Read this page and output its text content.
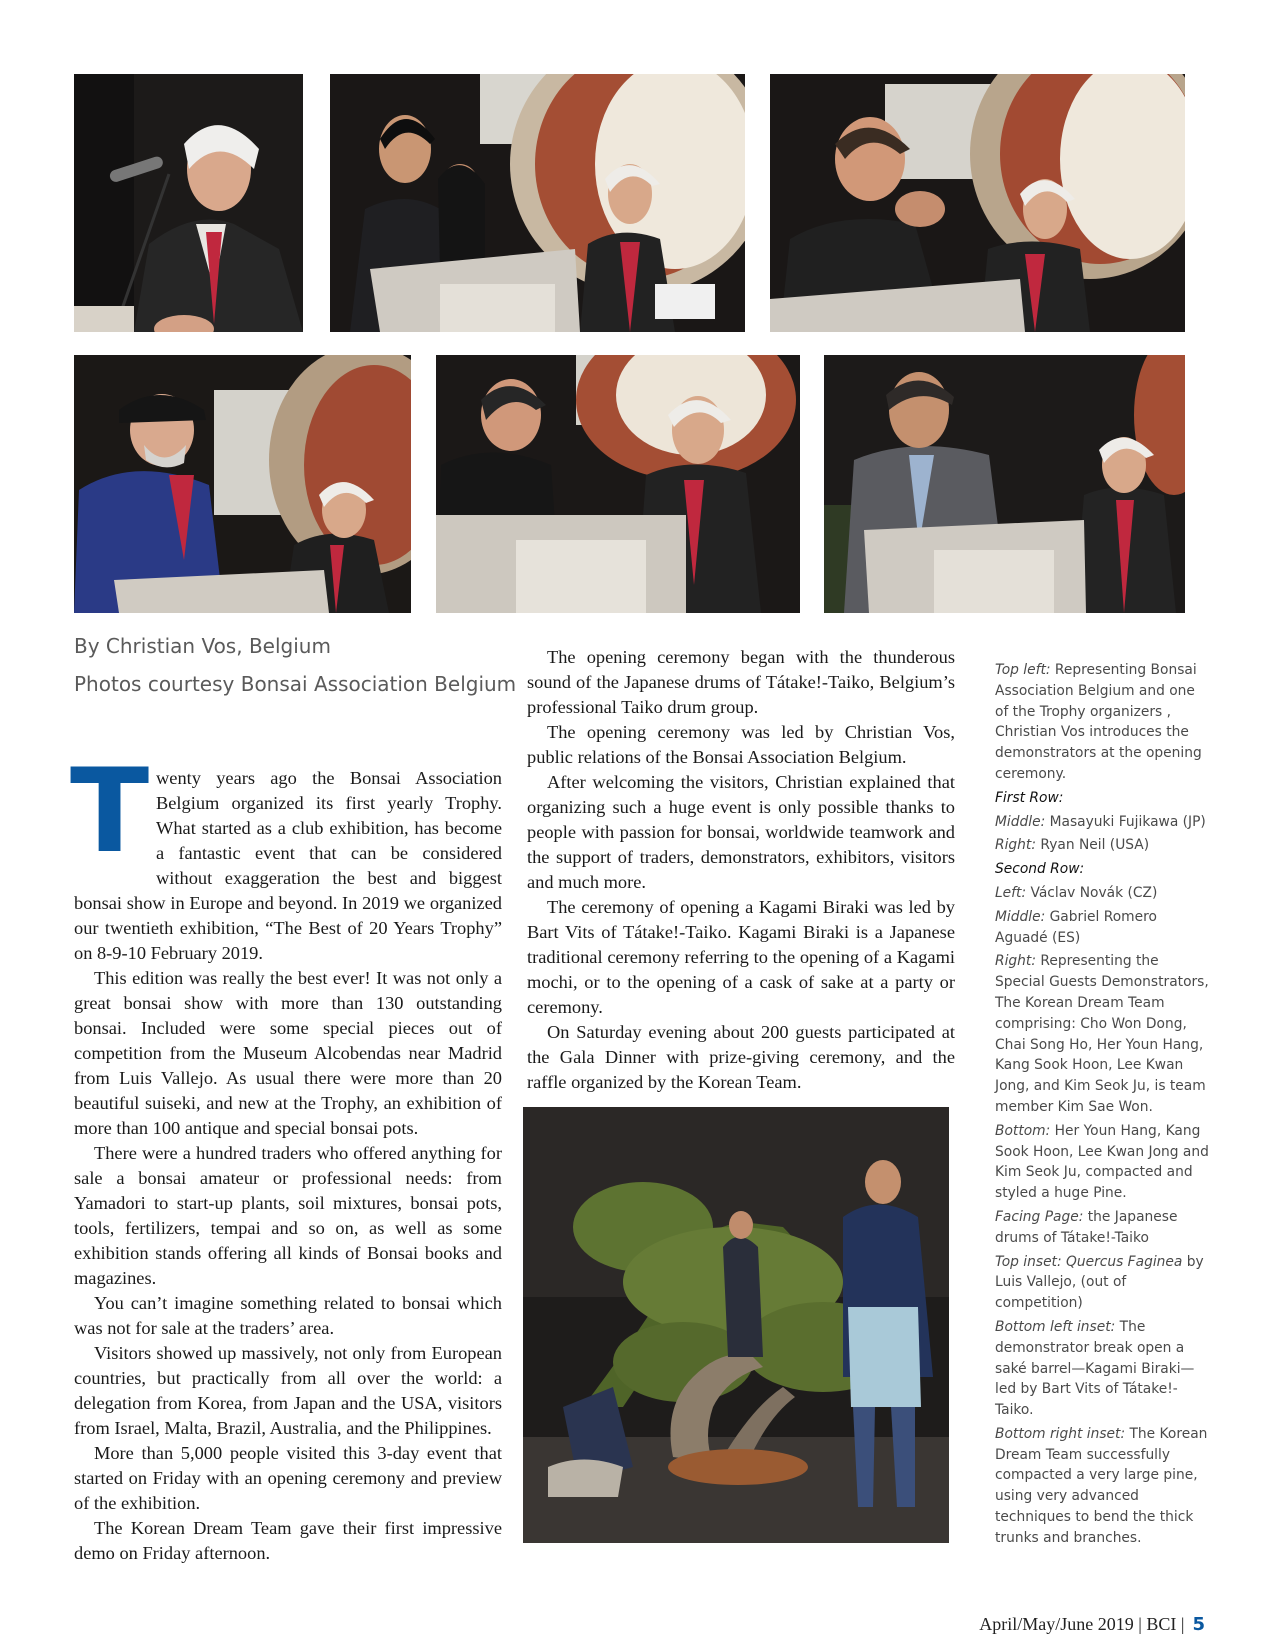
By Christian Vos, Belgium
Photos courtesy Bonsai Association Belgium
T wenty years ago the Bonsai Association Belgium organized its first yearly Trophy. What started as a club exhibition, has become a fantastic event that can be considered without exaggeration the best and biggest bonsai show in Europe and beyond. In 2019 we organized our twentieth exhibition, “The Best of 20 Years Trophy” on 8-9-10 February 2019.

This edition was really the best ever! It was not only a great bonsai show with more than 130 outstanding bonsai. Included were some special pieces out of competition from the Museum Alcobendas near Madrid from Luis Vallejo. As usual there were more than 20 beautiful suiseki, and new at the Trophy, an exhibition of more than 100 antique and special bonsai pots.

There were a hundred traders who offered anything for sale a bonsai amateur or professional needs: from Yamadori to start-up plants, soil mixtures, bonsai pots, tools, fertilizers, tempai and so on, as well as some exhibition stands offering all kinds of Bonsai books and magazines.

You can’t imagine something related to bonsai which was not for sale at the traders’ area.

Visitors showed up massively, not only from European countries, but practically from all over the world: a delegation from Korea, from Japan and the USA, visitors from Israel, Malta, Brazil, Australia, and the Philippines.

More than 5,000 people visited this 3-day event that started on Friday with an opening ceremony and preview of the exhibition.

The Korean Dream Team gave their first impressive demo on Friday afternoon.

The opening ceremony began with the thunderous sound of the Japanese drums of Tátake!-Taiko, Belgium’s professional Taiko drum group.

The opening ceremony was led by Christian Vos, public relations of the Bonsai Association Belgium.

After welcoming the visitors, Christian explained that organizing such a huge event is only possible thanks to people with passion for bonsai, worldwide teamwork and the support of traders, demonstrators, exhibitors, visitors and much more.

The ceremony of opening a Kagami Biraki was led by Bart Vits of Tátake!-Taiko. Kagami Biraki is a Japanese traditional ceremony referring to the opening of a Kagami mochi, or to the opening of a cask of sake at a party or ceremony.

On Saturday evening about 200 guests participated at the Gala Dinner with prize-giving ceremony, and the raffle organized by the Korean Team.

Top left: Representing Bonsai Association Belgium and one of the Trophy organizers , Christian Vos introduces the demonstrators at the opening ceremony.

First Row:

Middle: Masayuki Fujikawa (JP)

Right: Ryan Neil (USA)

Second Row:

Left: Václav Novák (CZ)

Middle: Gabriel Romero Aguadé (ES)

Right: Representing the Special Guests Demonstrators, The Korean Dream Team comprising: Cho Won Dong, Chai Song Ho, Her Youn Hang, Kang Sook Hoon, Lee Kwan Jong, and Kim Seok Ju, is team member Kim Sae Won.

Bottom: Her Youn Hang, Kang Sook Hoon, Lee Kwan Jong and Kim Seok Ju, compacted and styled a huge Pine.

Facing Page: the Japanese drums of Tátake!-Taiko

Top inset: Quercus Faginea by Luis Vallejo, (out of competition)

Bottom left inset: The demonstrator break open a saké barrel—Kagami Biraki—led by Bart Vits of Tátake!-Taiko.

Bottom right inset: The Korean Dream Team successfully compacted a very large pine, using very advanced techniques to bend the thick trunks and branches.

April/May/June 2019 | BCI | 5
